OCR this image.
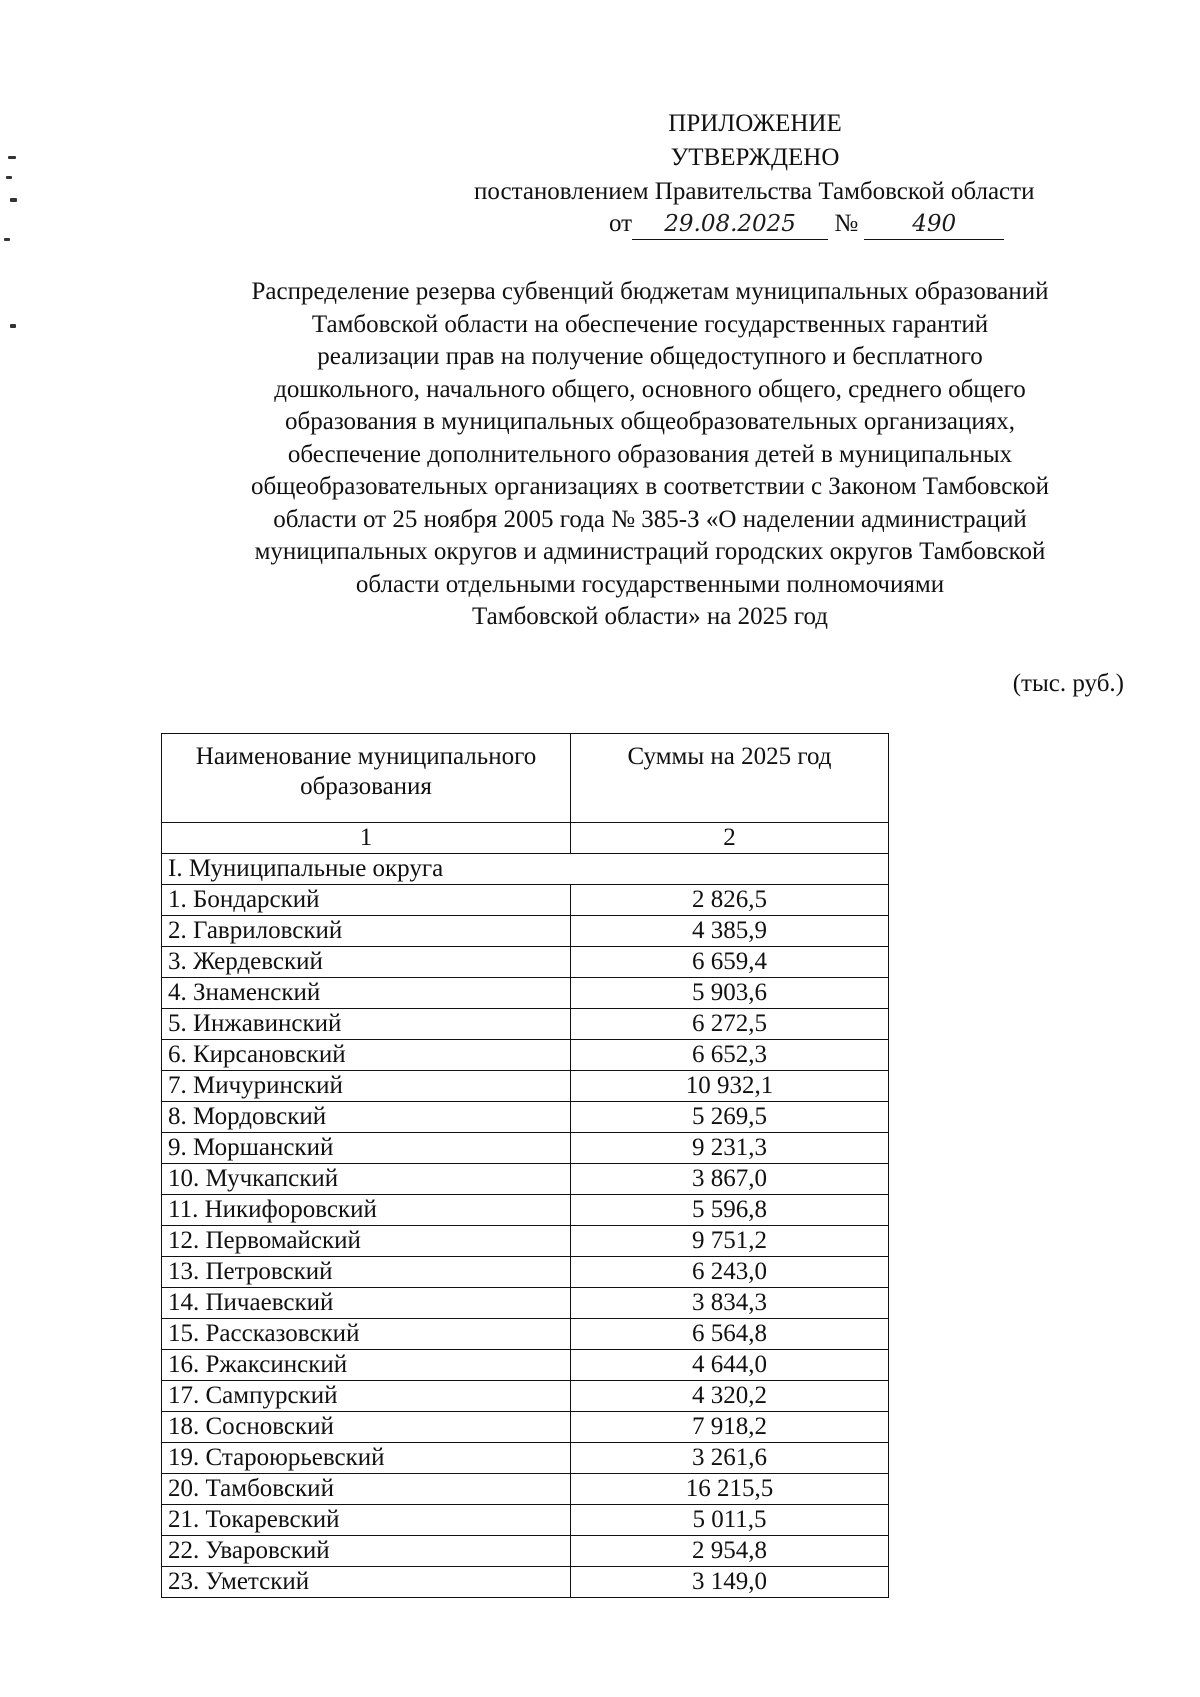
ПРИЛОЖЕНИЕ
УТВЕРЖДЕНО
постановлением Правительства Тамбовской области
от 29.08.2025 № 490
Распределение резерва субвенций бюджетам муниципальных образований
Тамбовской области на обеспечение государственных гарантий
реализации прав на получение общедоступного и бесплатного
дошкольного, начального общего, основного общего, среднего общего
образования в муниципальных общеобразовательных организациях,
обеспечение дополнительного образования детей в муниципальных
общеобразовательных организациях в соответствии с Законом Тамбовской
области от 25 ноября 2005 года № 385-З «О наделении администраций
муниципальных округов и администраций городских округов Тамбовской
области отдельными государственными полномочиями
Тамбовской области» на 2025 год
(тыс. руб.)
Наименование муниципального образования	Суммы на 2025 год
1	2
I. Муниципальные округа	
1. Бондарский	2 826,5
2. Гавриловский	4 385,9
3. Жердевский	6 659,4
4. Знаменский	5 903,6
5. Инжавинский	6 272,5
6. Кирсановский	6 652,3
7. Мичуринский	10 932,1
8. Мордовский	5 269,5
9. Моршанский	9 231,3
10. Мучкапский	3 867,0
11. Никифоровский	5 596,8
12. Первомайский	9 751,2
13. Петровский	6 243,0
14. Пичаевский	3 834,3
15. Рассказовский	6 564,8
16. Ржаксинский	4 644,0
17. Сампурский	4 320,2
18. Сосновский	7 918,2
19. Староюрьевский	3 261,6
20. Тамбовский	16 215,5
21. Токаревский	5 011,5
22. Уваровский	2 954,8
23. Уметский	3 149,0
